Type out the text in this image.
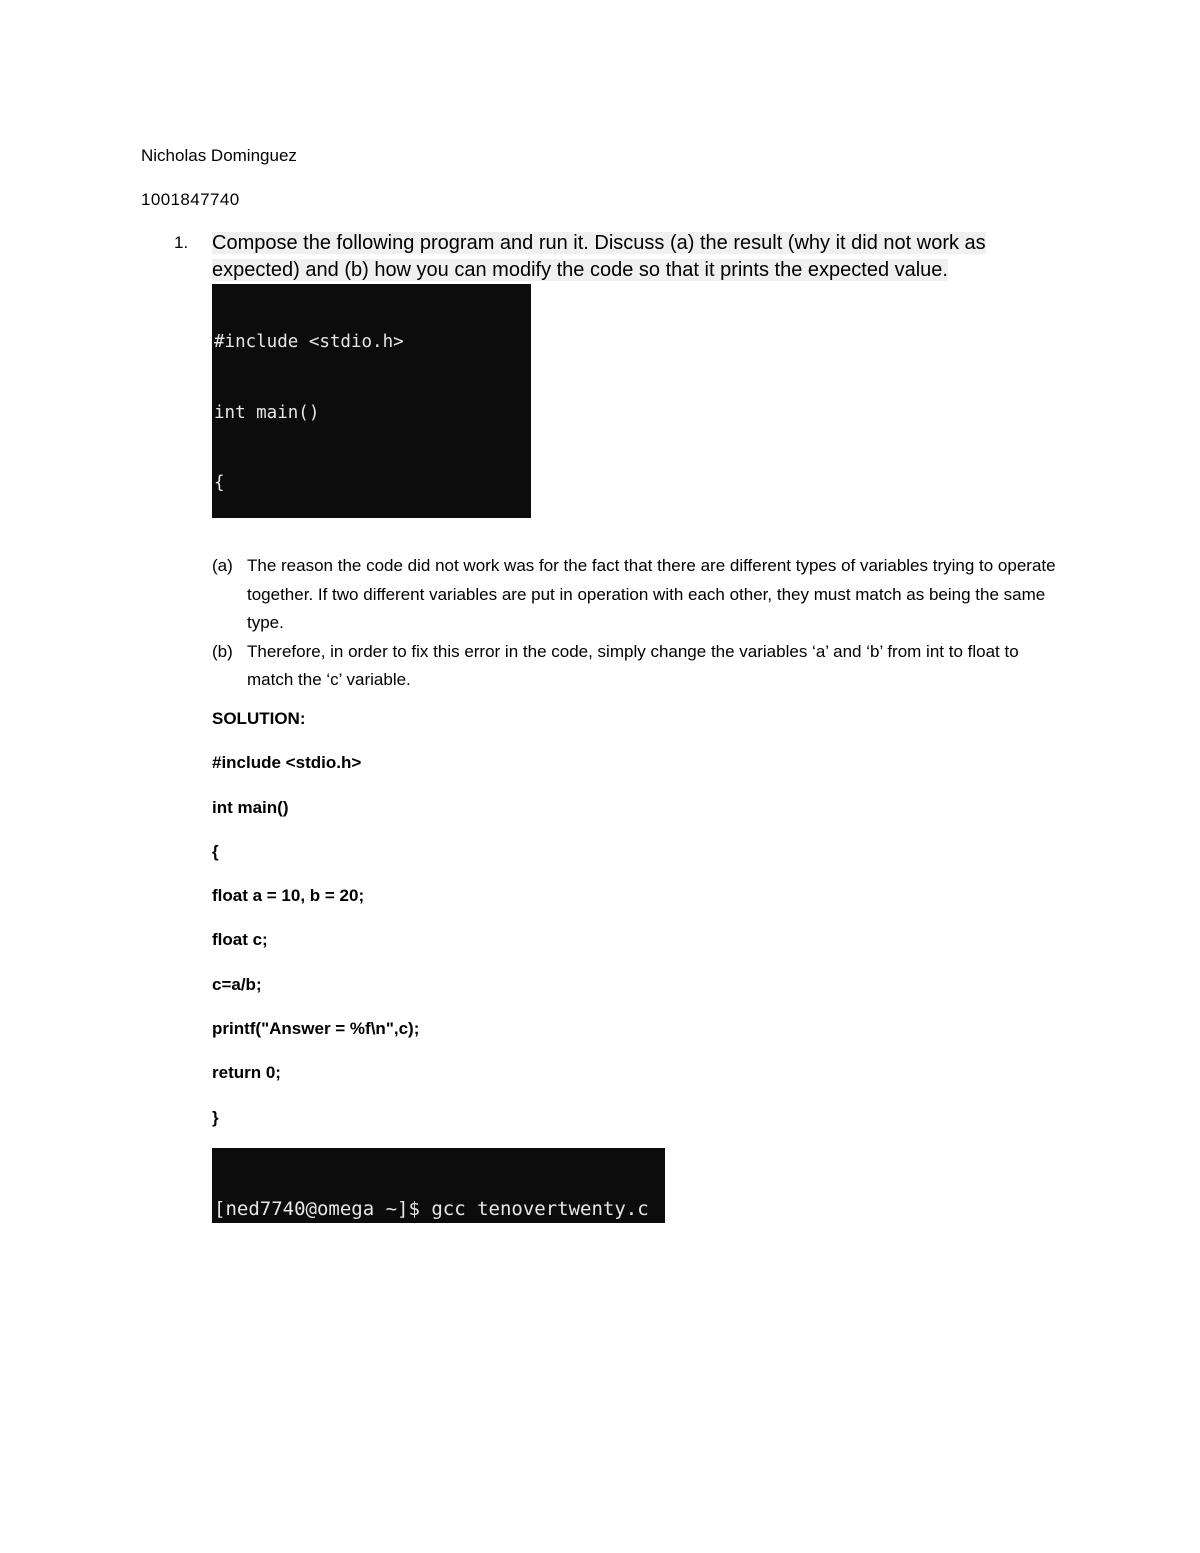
Nicholas Dominguez
1001847740
1. Compose the following program and run it. Discuss (a) the result (why it did not work as expected) and (b) how you can modify the code so that it prints the expected value.

#include <stdio.h>

int main()

{

(a) The reason the code did not work was for the fact that there are different types of variables trying to operate together. If two different variables are put in operation with each other, they must match as being the same type.
(b) Therefore, in order to fix this error in the code, simply change the variables ‘a’ and ‘b’ from int to float to match the ‘c’ variable.
SOLUTION:
#include <stdio.h>
int main()
{
float a = 10, b = 20;
float c;
c=a/b;
printf("Answer = %f\n",c);
return 0;
}

[ned7740@omega ~]$ gcc tenovertwenty.c
